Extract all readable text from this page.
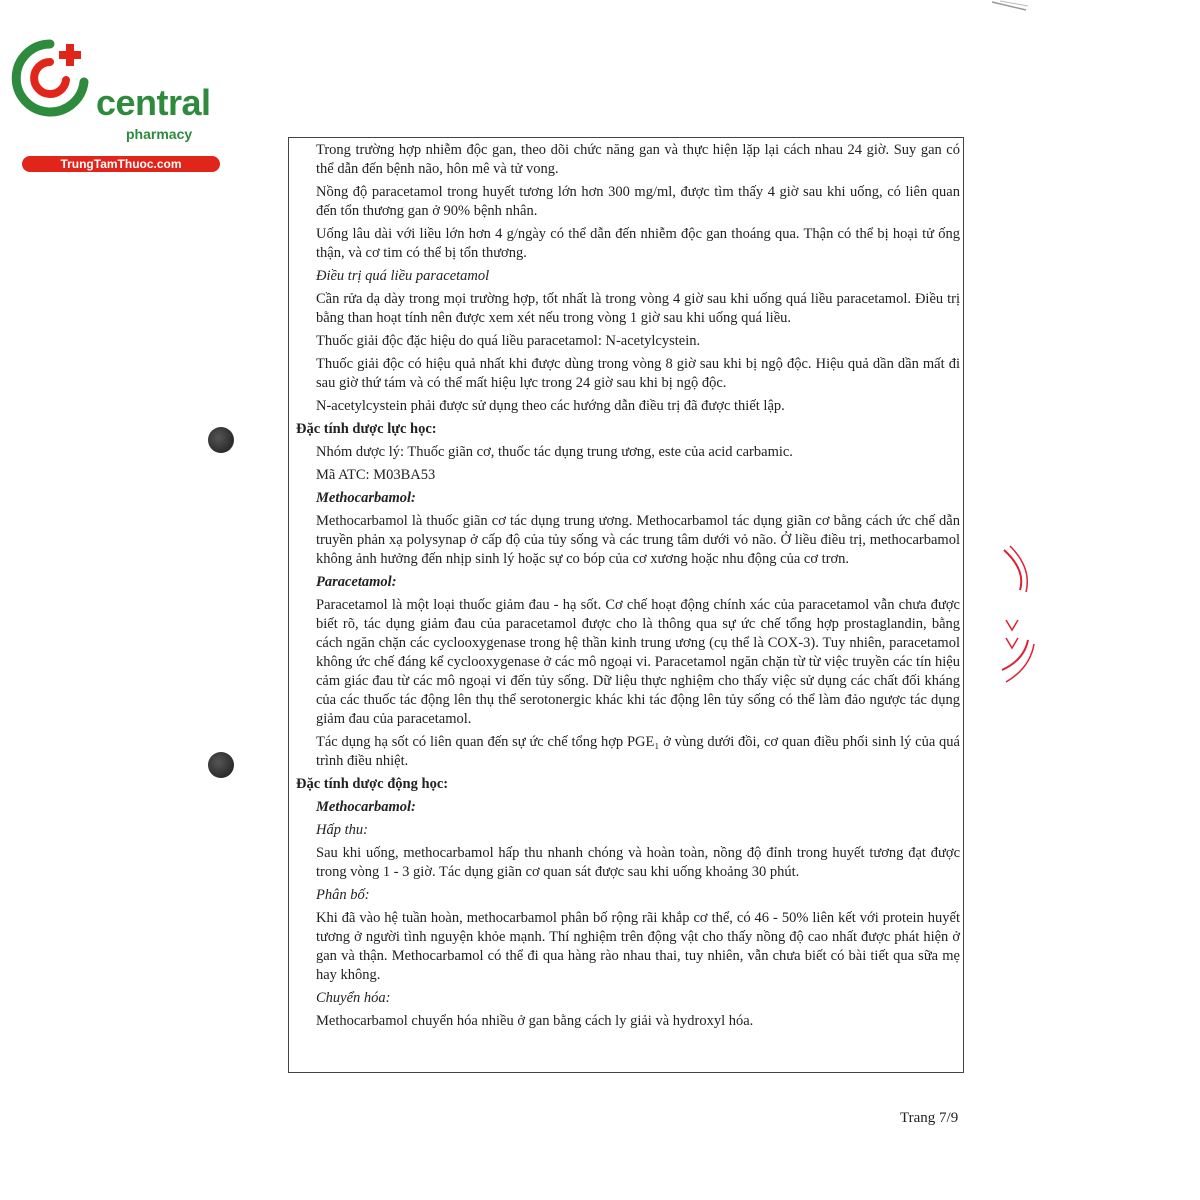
central
pharmacy
TrungTamThuoc.com

Trong trường hợp nhiễm độc gan, theo dõi chức năng gan và thực hiện lặp lại cách nhau 24 giờ. Suy gan có thể dẫn đến bệnh não, hôn mê và tử vong.

Nồng độ paracetamol trong huyết tương lớn hơn 300 mg/ml, được tìm thấy 4 giờ sau khi uống, có liên quan đến tổn thương gan ở 90% bệnh nhân.

Uống lâu dài với liều lớn hơn 4 g/ngày có thể dẫn đến nhiễm độc gan thoáng qua. Thận có thể bị hoại tử ống thận, và cơ tim có thể bị tổn thương.

Điều trị quá liều paracetamol

Cần rửa dạ dày trong mọi trường hợp, tốt nhất là trong vòng 4 giờ sau khi uống quá liều paracetamol. Điều trị bằng than hoạt tính nên được xem xét nếu trong vòng 1 giờ sau khi uống quá liều.

Thuốc giải độc đặc hiệu do quá liều paracetamol: N-acetylcystein.

Thuốc giải độc có hiệu quả nhất khi được dùng trong vòng 8 giờ sau khi bị ngộ độc. Hiệu quả dần dần mất đi sau giờ thứ tám và có thể mất hiệu lực trong 24 giờ sau khi bị ngộ độc.

N-acetylcystein phải được sử dụng theo các hướng dẫn điều trị đã được thiết lập.

Đặc tính dược lực học:

Nhóm dược lý: Thuốc giãn cơ, thuốc tác dụng trung ương, este của acid carbamic.

Mã ATC: M03BA53

Methocarbamol:

Methocarbamol là thuốc giãn cơ tác dụng trung ương. Methocarbamol tác dụng giãn cơ bằng cách ức chế dẫn truyền phản xạ polysynap ở cấp độ của tủy sống và các trung tâm dưới vỏ não. Ở liều điều trị, methocarbamol không ảnh hưởng đến nhịp sinh lý hoặc sự co bóp của cơ xương hoặc nhu động của cơ trơn.

Paracetamol:

Paracetamol là một loại thuốc giảm đau - hạ sốt. Cơ chế hoạt động chính xác của paracetamol vẫn chưa được biết rõ, tác dụng giảm đau của paracetamol được cho là thông qua sự ức chế tổng hợp prostaglandin, bằng cách ngăn chặn các cyclooxygenase trong hệ thần kinh trung ương (cụ thể là COX-3). Tuy nhiên, paracetamol không ức chế đáng kể cyclooxygenase ở các mô ngoại vi. Paracetamol ngăn chặn từ từ việc truyền các tín hiệu cảm giác đau từ các mô ngoại vi đến tủy sống. Dữ liệu thực nghiệm cho thấy việc sử dụng các chất đối kháng của các thuốc tác động lên thụ thể serotonergic khác khi tác động lên tủy sống có thể làm đảo ngược tác dụng giảm đau của paracetamol.

Tác dụng hạ sốt có liên quan đến sự ức chế tổng hợp PGE₁ ở vùng dưới đồi, cơ quan điều phối sinh lý của quá trình điều nhiệt.

Đặc tính dược động học:

Methocarbamol:

Hấp thu:

Sau khi uống, methocarbamol hấp thu nhanh chóng và hoàn toàn, nồng độ đỉnh trong huyết tương đạt được trong vòng 1 - 3 giờ. Tác dụng giãn cơ quan sát được sau khi uống khoảng 30 phút.

Phân bố:

Khi đã vào hệ tuần hoàn, methocarbamol phân bố rộng rãi khắp cơ thể, có 46 - 50% liên kết với protein huyết tương ở người tình nguyện khỏe mạnh. Thí nghiệm trên động vật cho thấy nồng độ cao nhất được phát hiện ở gan và thận. Methocarbamol có thể đi qua hàng rào nhau thai, tuy nhiên, vẫn chưa biết có bài tiết qua sữa mẹ hay không.

Chuyển hóa:

Methocarbamol chuyển hóa nhiều ở gan bằng cách ly giải và hydroxyl hóa.

Trang 7/9
